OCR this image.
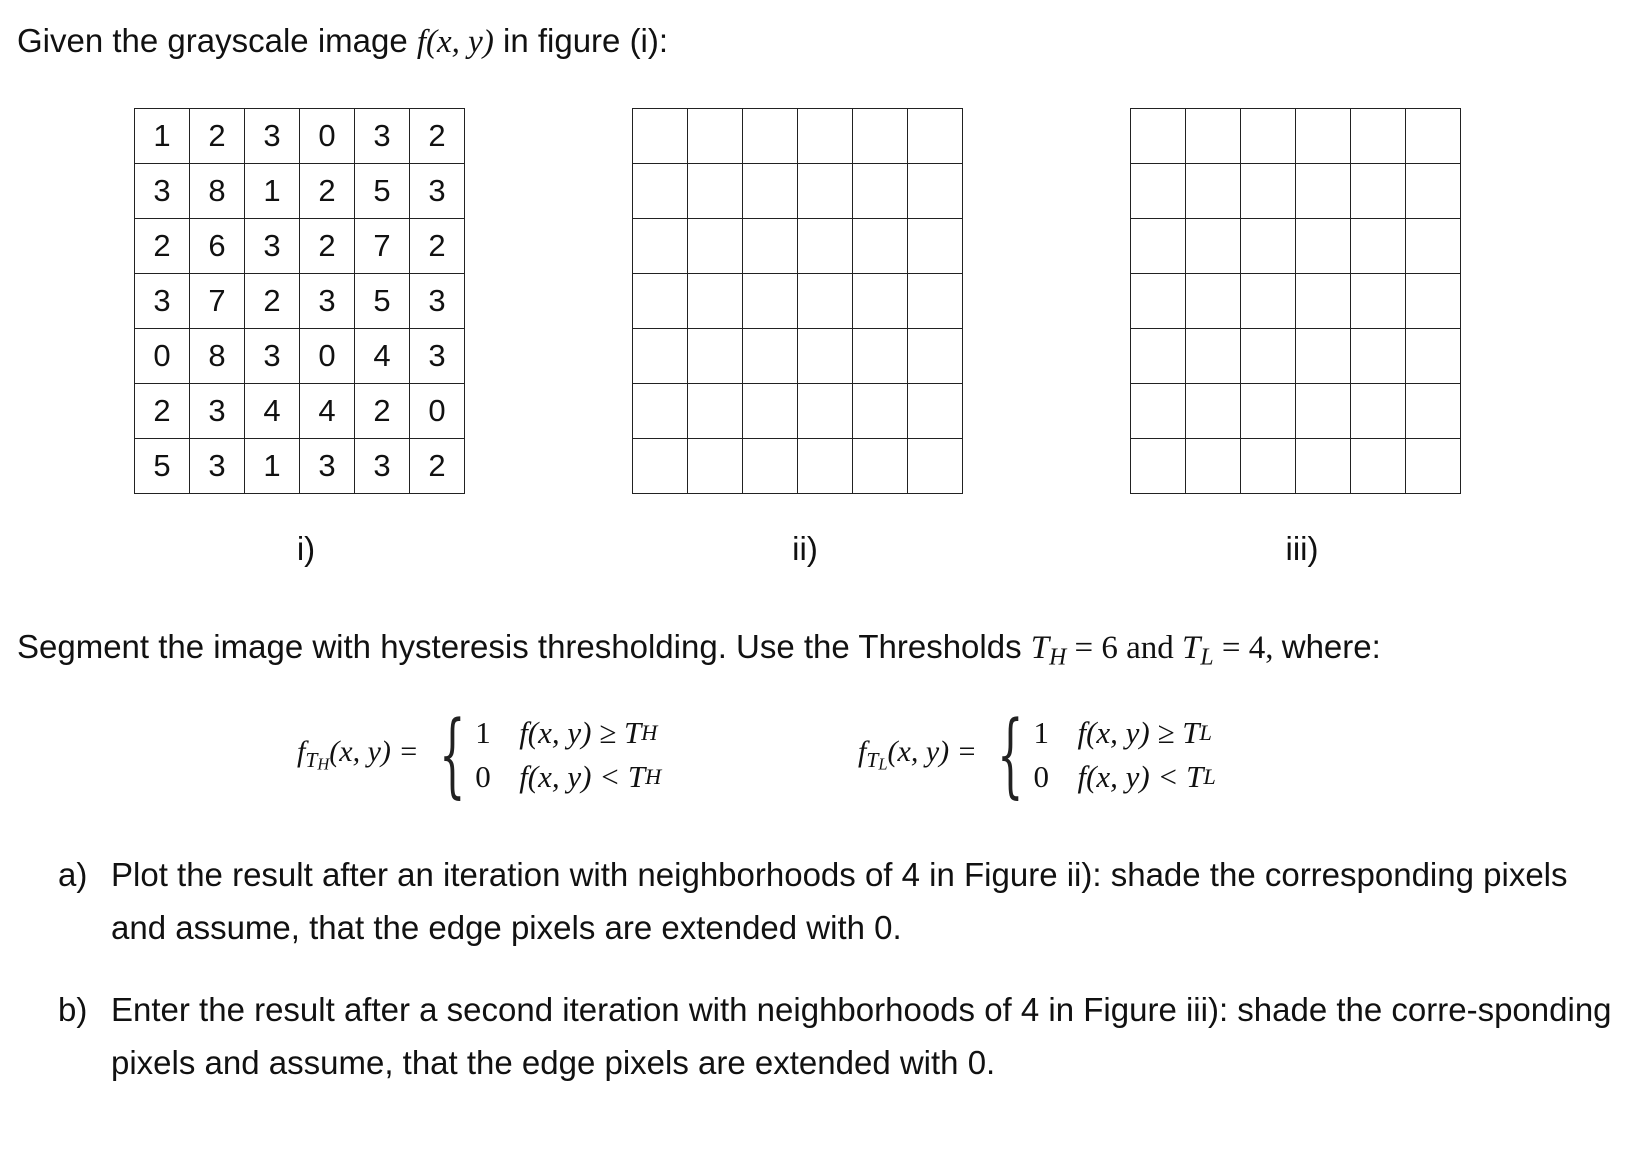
Given the grayscale image f(x, y) in figure (i):
1	2	3	0	3	2
3	8	1	2	5	3
2	6	3	2	7	2
3	7	2	3	5	3
0	8	3	0	4	3
2	3	4	4	2	0
5	3	1	3	3	2

i)	ii)	iii)
Segment the image with hysteresis thresholding. Use the Thresholds $T_H = 6$ and $T_L = 4$, where:
$f_{TH}(x$, y) = { 1 f(x, y) ≥ T H
0 f(x, y) < T H
$f_{TL}(x$, y) = { 1 f(x, y) ≥ T L
0 f(x, y) < T L
a) Plot the result after an iteration with neighborhoods of 4 in Figure ii): shade the corresponding pixels and assume, that the edge pixels are extended with 0.
b) Enter the result after a second iteration with neighborhoods of 4 in Figure iii): shade the corre-sponding pixels and assume, that the edge pixels are extended with 0.
